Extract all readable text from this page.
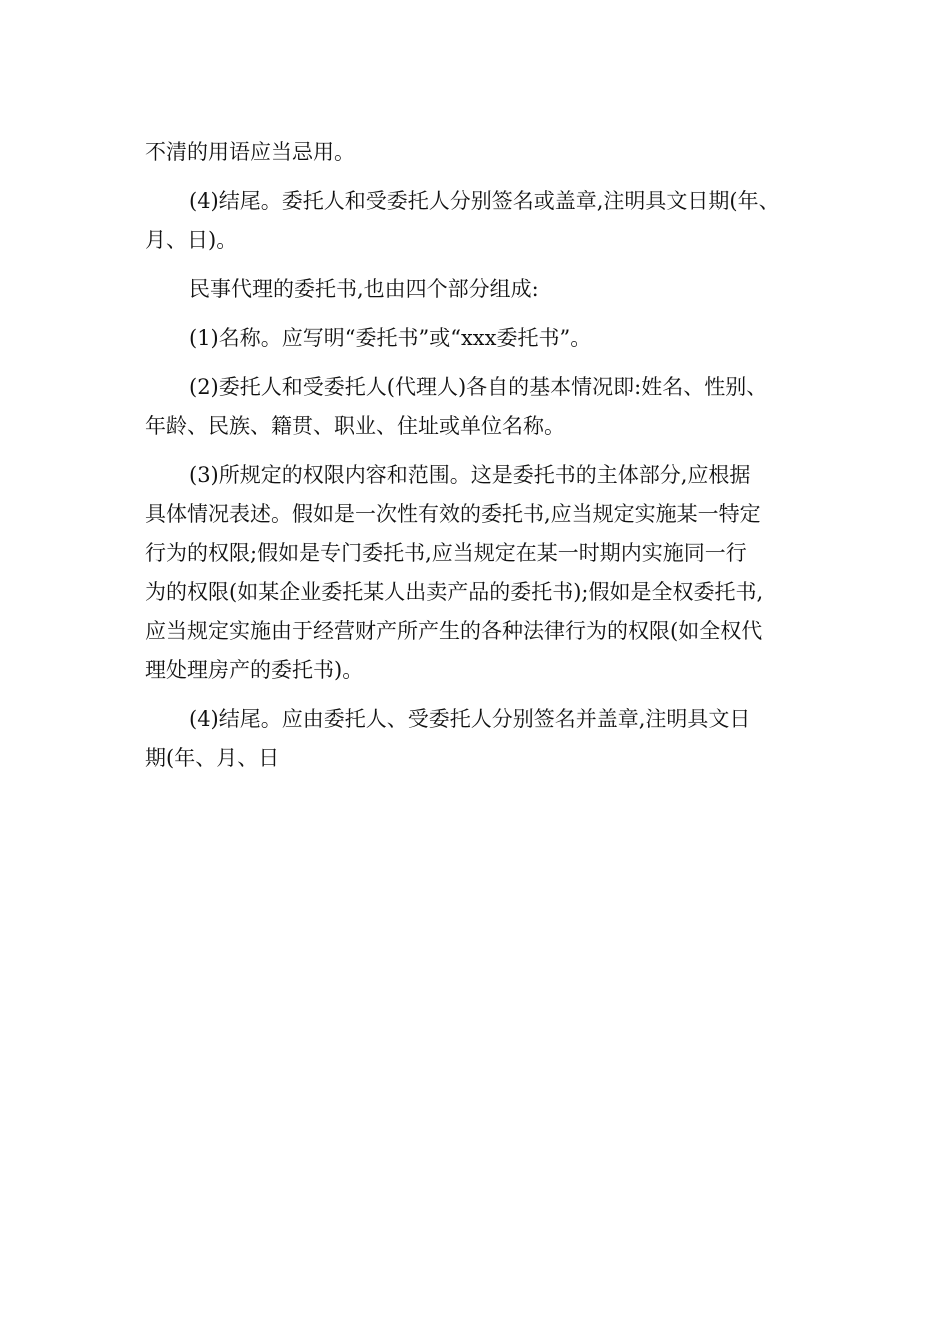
不清的用语应当忌用。
(4)结尾。委托人和受委托人分别签名或盖章,注明具文日期(年、
月、日)。
民事代理的委托书,也由四个部分组成:
(1)名称。应写明“委托书”或“xxx委托书”。
(2)委托人和受委托人(代理人)各自的基本情况即:姓名、性别、
年龄、民族、籍贯、职业、住址或单位名称。
(3)所规定的权限内容和范围。这是委托书的主体部分,应根据
具体情况表述。假如是一次性有效的委托书,应当规定实施某一特定
行为的权限;假如是专门委托书,应当规定在某一时期内实施同一行
为的权限(如某企业委托某人出卖产品的委托书);假如是全权委托书,
应当规定实施由于经营财产所产生的各种法律行为的权限(如全权代
理处理房产的委托书)。
(4)结尾。应由委托人、受委托人分别签名并盖章,注明具文日
期(年、月、日
